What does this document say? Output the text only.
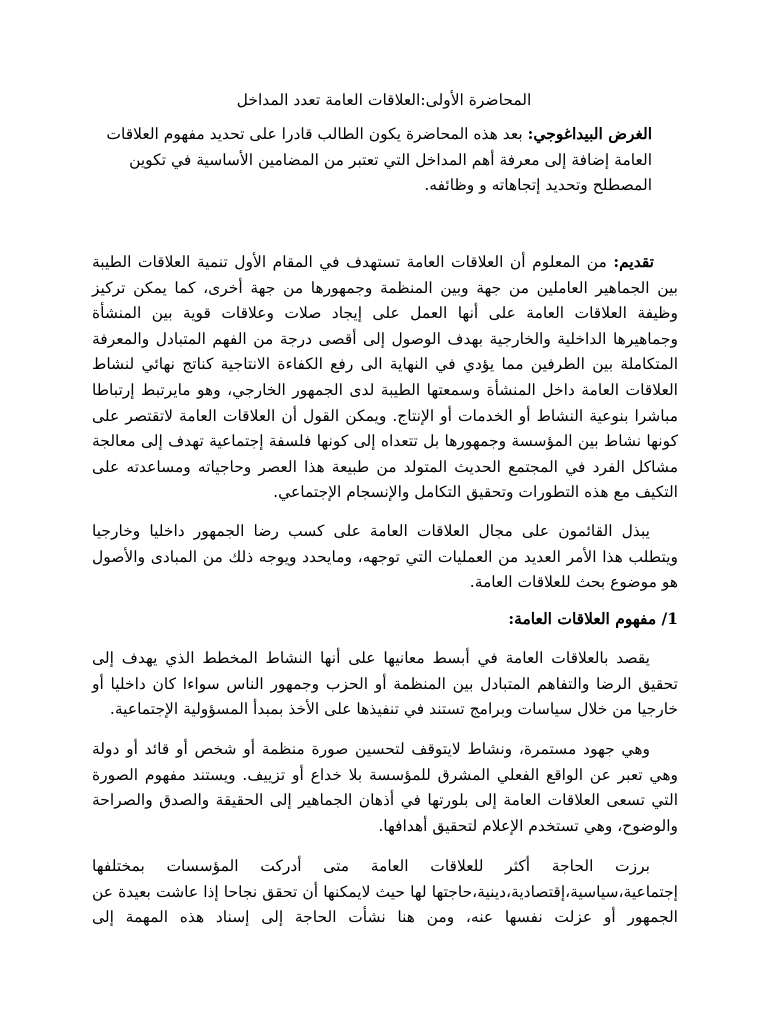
المحاضرة الأولى:العلاقات العامة تعدد المداخل

الغرض البيداغوجي: بعد هذه المحاضرة يكون الطالب قادرا على تحديد مفهوم العلاقات العامة إضافة إلى معرفة أهم المداخل التي تعتبر من المضامين الأساسية في تكوين المصطلح وتحديد إتجاهاته و وظائفه.

تقديم: من المعلوم أن العلاقات العامة تستهدف في المقام الأول تنمية العلاقات الطيبة بين الجماهير العاملين من جهة وبين المنظمة وجمهورها من جهة أخرى، كما يمكن تركيز وظيفة العلاقات العامة على أنها العمل على إيجاد صلات وعلاقات قوية بين المنشأة وجماهيرها الداخلية والخارجية بهدف الوصول إلى أقصى درجة من الفهم المتبادل والمعرفة المتكاملة بين الطرفين مما يؤدي في النهاية الى رفع الكفاءة الانتاجية كناتج نهائي لنشاط العلاقات العامة داخل المنشأة وسمعتها الطيبة لدى الجمهور الخارجي، وهو مايرتبط إرتباطا مباشرا بنوعية النشاط أو الخدمات أو الإنتاج. ويمكن القول أن العلاقات العامة لاتقتصر على كونها نشاط بين المؤسسة وجمهورها بل تتعداه إلى كونها فلسفة إجتماعية تهدف إلى معالجة مشاكل الفرد في المجتمع الحديث المتولد من طبيعة هذا العصر وحاجياته ومساعدته على التكيف مع هذه التطورات وتحقيق التكامل والإنسجام الإجتماعي.

يبذل القائمون على مجال العلاقات العامة على كسب رضا الجمهور داخليا وخارجيا ويتطلب هذا الأمر العديد من العمليات التي توجهه، ومايحدد ويوجه ذلك من المبادى والأصول هو موضوع بحث للعلاقات العامة.

1/ مفهوم العلاقات العامة:

يقصد بالعلاقات العامة في أبسط معانيها على أنها النشاط المخطط الذي يهدف إلى تحقيق الرضا والتفاهم المتبادل بين المنظمة أو الحزب وجمهور الناس سواءا كان داخليا أو خارجيا من خلال سياسات وبرامج تستند في تنفيذها على الأخذ بمبدأ المسؤولية الإجتماعية.

وهي جهود مستمرة، ونشاط لايتوقف لتحسين صورة منظمة أو شخص أو قائد أو دولة وهي تعبر عن الواقع الفعلي المشرق للمؤسسة بلا خداع أو تزييف. ويستند مفهوم الصورة التي تسعى العلاقات العامة إلى بلورتها في أذهان الجماهير إلى الحقيقة والصدق والصراحة والوضوح، وهي تستخدم الإعلام لتحقيق أهدافها.

برزت الحاجة أكثر للعلاقات العامة متى أدركت المؤسسات بمختلفها إجتماعية،سياسية،إقتصادية،دينية،حاجتها لها حيث لايمكنها أن تحقق نجاحا إذا عاشت بعيدة عن الجمهور أو عزلت نفسها عنه، ومن هنا نشأت الحاجة إلى إسناد هذه المهمة إلى
